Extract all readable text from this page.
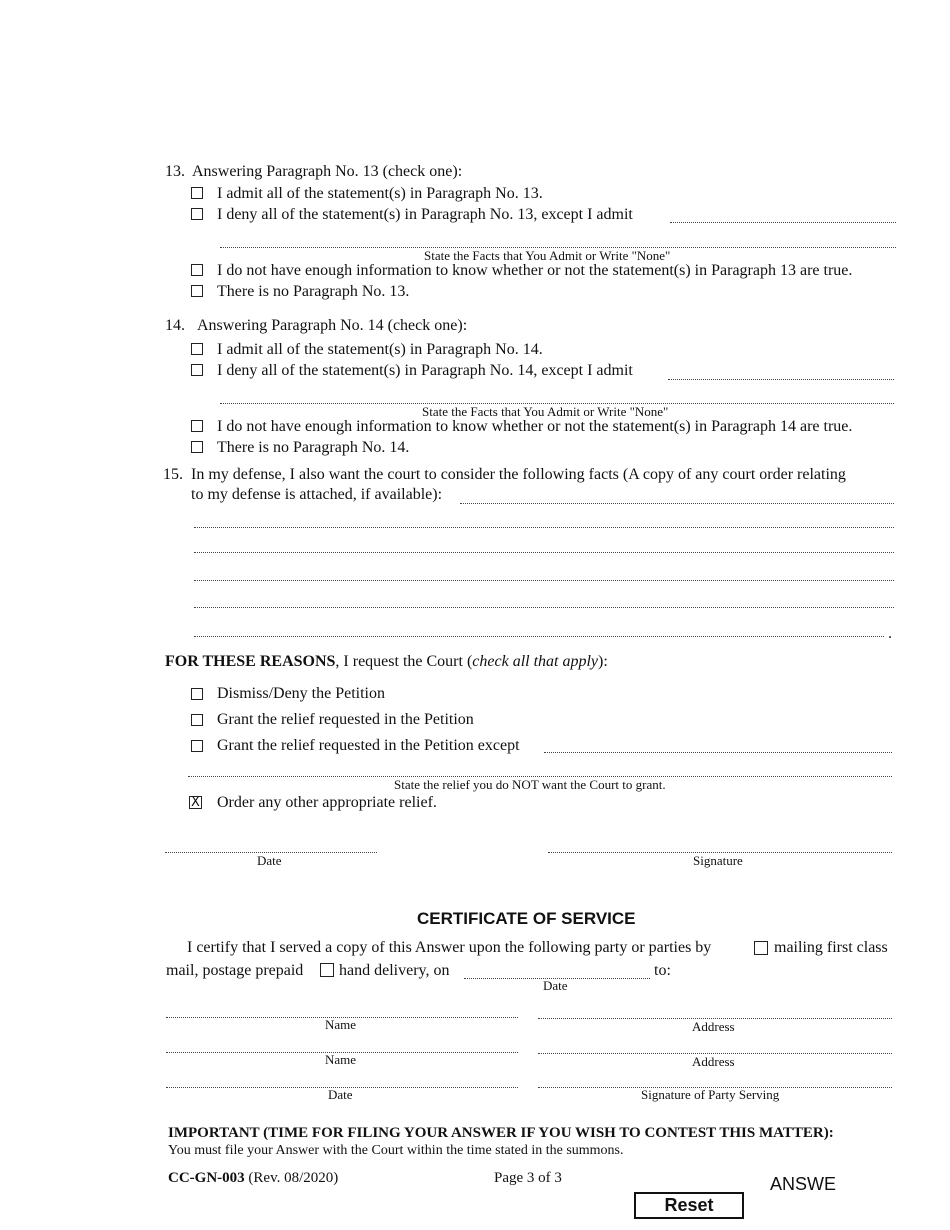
13. Answering Paragraph No. 13 (check one):
I admit all of the statement(s) in Paragraph No. 13.
I deny all of the statement(s) in Paragraph No. 13, except I admit
State the Facts that You Admit or Write "None"
I do not have enough information to know whether or not the statement(s) in Paragraph 13 are true.
There is no Paragraph No. 13.
14. Answering Paragraph No. 14 (check one):
I admit all of the statement(s) in Paragraph No. 14.
I deny all of the statement(s) in Paragraph No. 14, except I admit
State the Facts that You Admit or Write "None"
I do not have enough information to know whether or not the statement(s) in Paragraph 14 are true.
There is no Paragraph No. 14.
15. In my defense, I also want the court to consider the following facts (A copy of any court order relating
to my defense is attached, if available):
.
FOR THESE REASONS, I request the Court (check all that apply):
Dismiss/Deny the Petition
Grant the relief requested in the Petition
Grant the relief requested in the Petition except
State the relief you do NOT want the Court to grant.
X Order any other appropriate relief.
Date	Signature
CERTIFICATE OF SERVICE
I certify that I served a copy of this Answer upon the following party or parties by	mailing first class
mail, postage prepaid hand delivery, on	to:
Date
Name	Address
Name	Address
Date	Signature of Party Serving
IMPORTANT (TIME FOR FILING YOUR ANSWER IF YOU WISH TO CONTEST THIS MATTER):
You must file your Answer with the Court within the time stated in the summons.
CC-GN-003 (Rev. 08/2020)	Page 3 of 3	ANSWE
Reset
